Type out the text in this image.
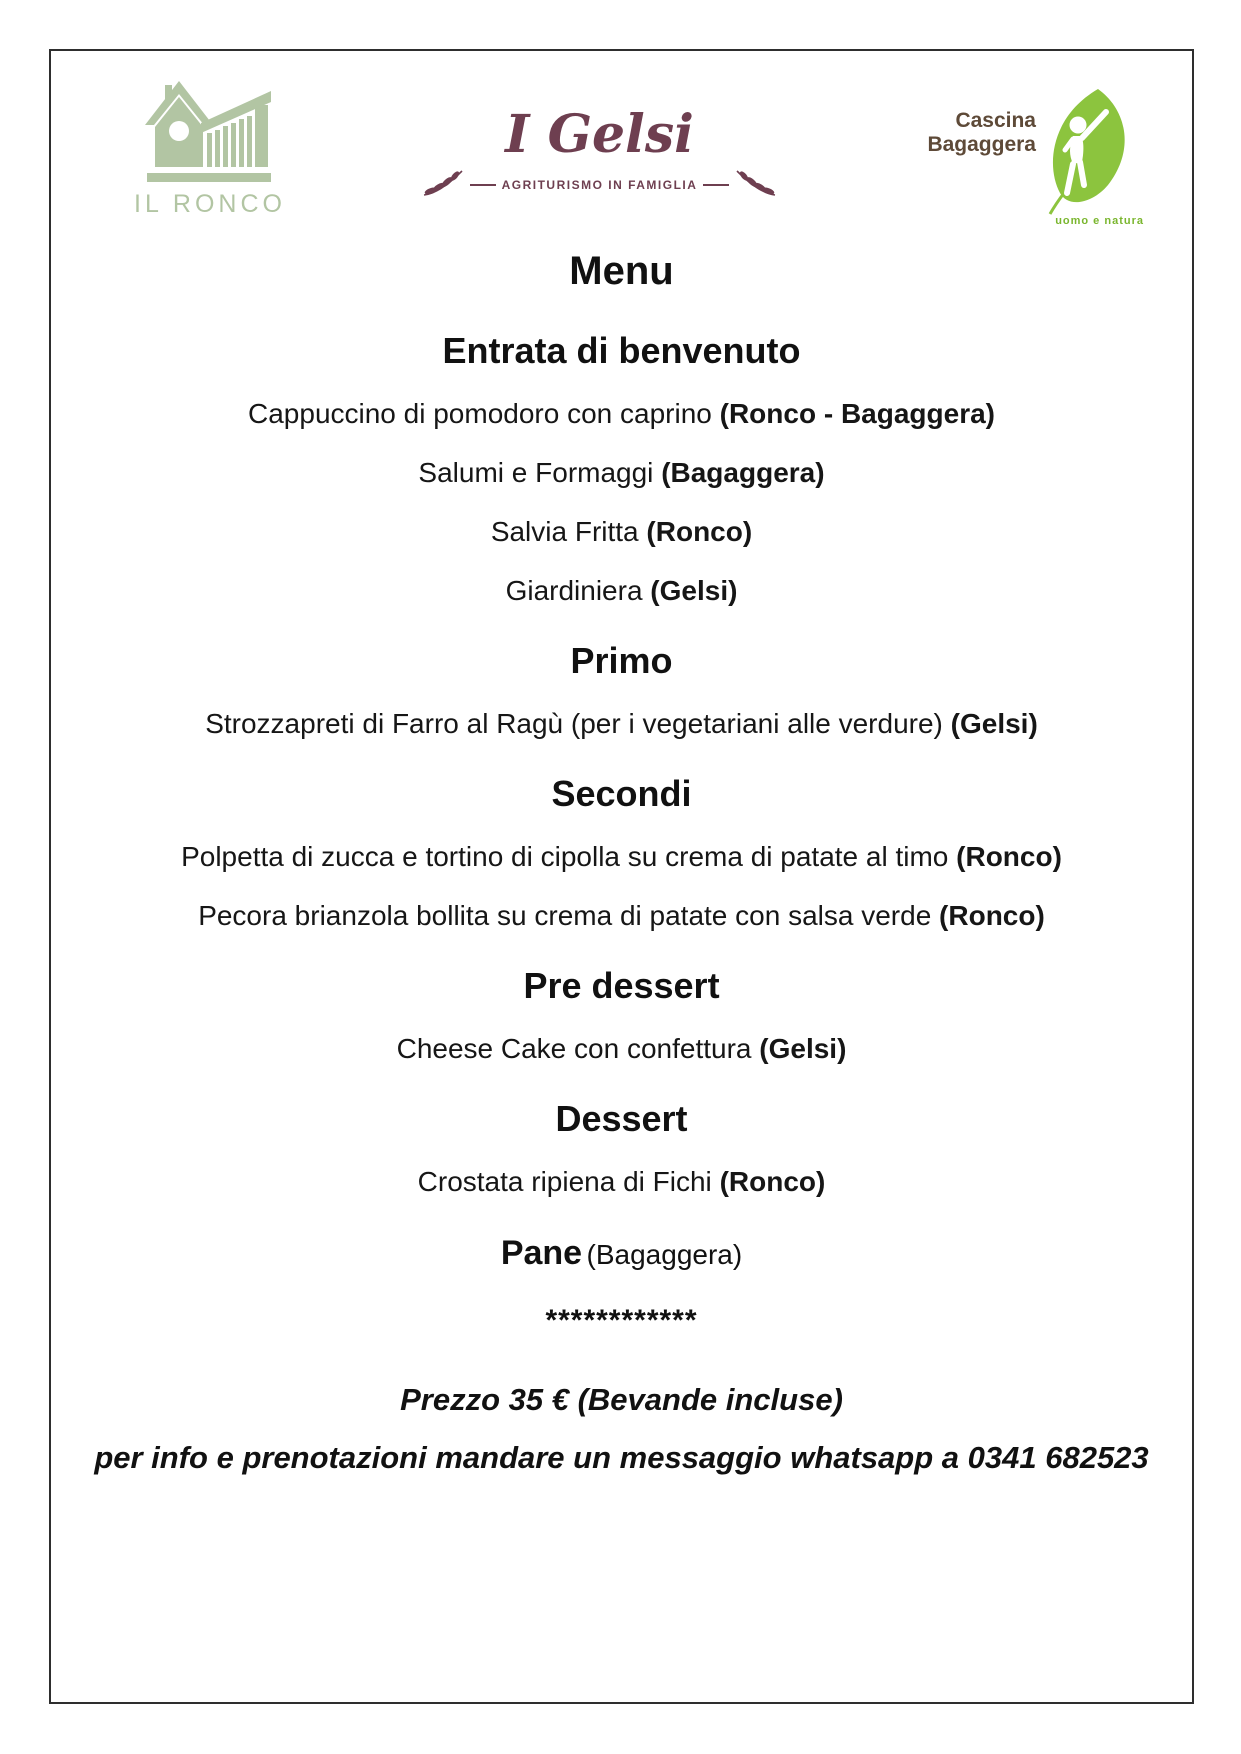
IL RONCO
I Gelsi
AGRITURISMO IN FAMIGLIA
Cascina
Bagaggera
uomo e natura
Menu
Entrata di benvenuto

Cappuccino di pomodoro con caprino (Ronco - Bagaggera)

Salumi e Formaggi (Bagaggera)

Salvia Fritta (Ronco)

Giardiniera (Gelsi)

Primo

Strozzapreti di Farro al Ragù (per i vegetariani alle verdure) (Gelsi)

Secondi

Polpetta di zucca e tortino di cipolla su crema di patate al timo (Ronco)

Pecora brianzola bollita su crema di patate con salsa verde (Ronco)

Pre dessert

Cheese Cake con confettura (Gelsi)

Dessert

Crostata ripiena di Fichi (Ronco)

Pane (Bagaggera)

************

Prezzo 35 € (Bevande incluse)

per info e prenotazioni mandare un messaggio whatsapp a 0341 682523
